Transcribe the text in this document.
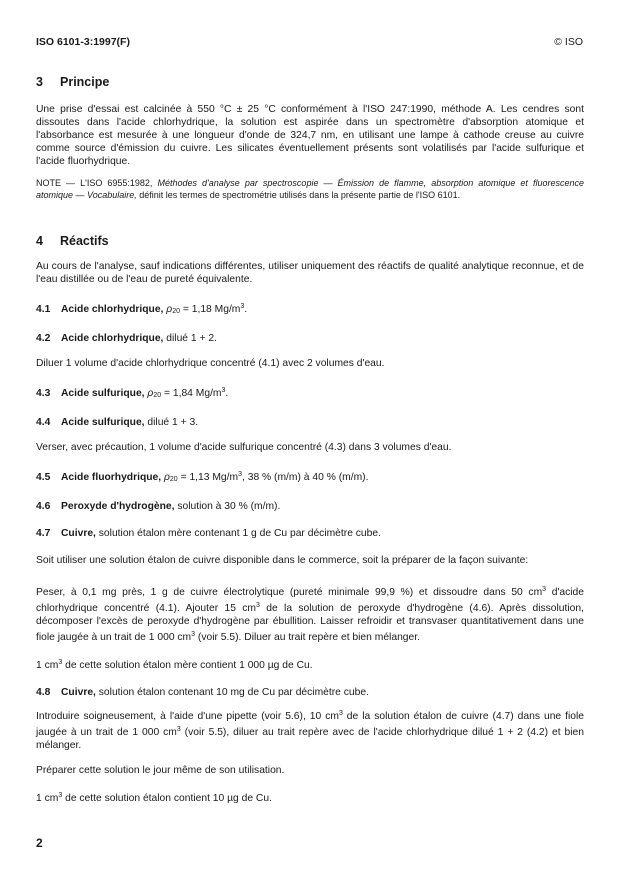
ISO 6101-3:1997(F)	© ISO
3 Principe

Une prise d'essai est calcinée à 550 °C ± 25 °C conformément à l'ISO 247:1990, méthode A. Les cendres sont dissoutes dans l'acide chlorhydrique, la solution est aspirée dans un spectromètre d'absorption atomique et l'absorbance est mesurée à une longueur d'onde de 324,7 nm, en utilisant une lampe à cathode creuse au cuivre comme source d'émission du cuivre. Les silicates éventuellement présents sont volatilisés par l'acide sulfurique et l'acide fluorhydrique.

NOTE — L'ISO 6955:1982, Méthodes d'analyse par spectroscopie — Émission de flamme, absorption atomique et fluorescence atomique — Vocabulaire, définit les termes de spectrométrie utilisés dans la présente partie de l'ISO 6101.

4 Réactifs

Au cours de l'analyse, sauf indications différentes, utiliser uniquement des réactifs de qualité analytique reconnue, et de l'eau distillée ou de l'eau de pureté équivalente.

4.1 Acide chlorhydrique, ρ20 = 1,18 $Mg/m^3$.

4.2 Acide chlorhydrique, dilué 1 + 2.

Diluer 1 volume d'acide chlorhydrique concentré (4.1) avec 2 volumes d'eau.

4.3 Acide sulfurique, ρ20 = 1,84 $Mg/m^3$.

4.4 Acide sulfurique, dilué 1 + 3.

Verser, avec précaution, 1 volume d'acide sulfurique concentré (4.3) dans 3 volumes d'eau.

4.5 Acide fluorhydrique, ρ20 = 1,13 $Mg/m^3$, 38 % (m/m) à 40 % (m/m).

4.6 Peroxyde d'hydrogène, solution à 30 % (m/m).

4.7 Cuivre, solution étalon mère contenant 1 g de Cu par décimètre cube.

Soit utiliser une solution étalon de cuivre disponible dans le commerce, soit la préparer de la façon suivante:

Peser, à 0,1 mg près, 1 g de cuivre électrolytique (pureté minimale 99,9 %) et dissoudre dans 50 $cm^3$ d'acide chlorhydrique concentré (4.1). Ajouter 15 $cm^3$ de la solution de peroxyde d'hydrogène (4.6). Après dissolution, décomposer l'excès de peroxyde d'hydrogène par ébullition. Laisser refroidir et transvaser quantitativement dans une fiole jaugée à un trait de 1 000 $cm^3$ (voir 5.5). Diluer au trait repère et bien mélanger.

1 $cm^3$ de cette solution étalon mère contient 1 000 µg de Cu.

4.8 Cuivre, solution étalon contenant 10 mg de Cu par décimètre cube.

Introduire soigneusement, à l'aide d'une pipette (voir 5.6), 10 $cm^3$ de la solution étalon de cuivre (4.7) dans une fiole jaugée à un trait de 1 000 $cm^3$ (voir 5.5), diluer au trait repère avec de l'acide chlorhydrique dilué 1 + 2 (4.2) et bien mélanger.

Préparer cette solution le jour même de son utilisation.

1 $cm^3$ de cette solution étalon contient 10 µg de Cu.

2
